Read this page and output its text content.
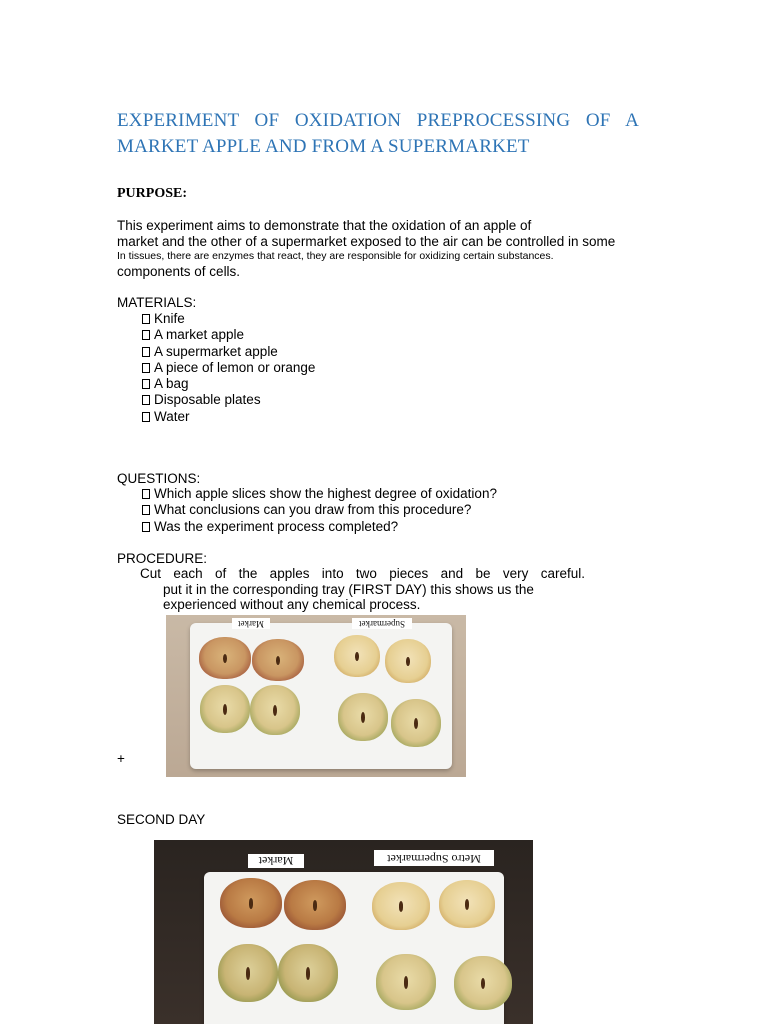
EXPERIMENT OF OXIDATION PREPROCESSING OF A MARKET APPLE AND FROM A SUPERMARKET
PURPOSE:
This experiment aims to demonstrate that the oxidation of an apple of
market and the other of a supermarket exposed to the air can be controlled in some
In tissues, there are enzymes that react, they are responsible for oxidizing certain substances.
components of cells.
MATERIALS:
Knife
A market apple
A supermarket apple
A piece of lemon or orange
A bag
Disposable plates
Water
QUESTIONS:
Which apple slices show the highest degree of oxidation?
What conclusions can you draw from this procedure?
Was the experiment process completed?
PROCEDURE:
Cut each of the apples into two pieces and be very careful.
put it in the corresponding tray (FIRST DAY) this shows us the
experienced without any chemical process.
+
Market	Supermarket
SECOND DAY
Market	Metro Supermarket
